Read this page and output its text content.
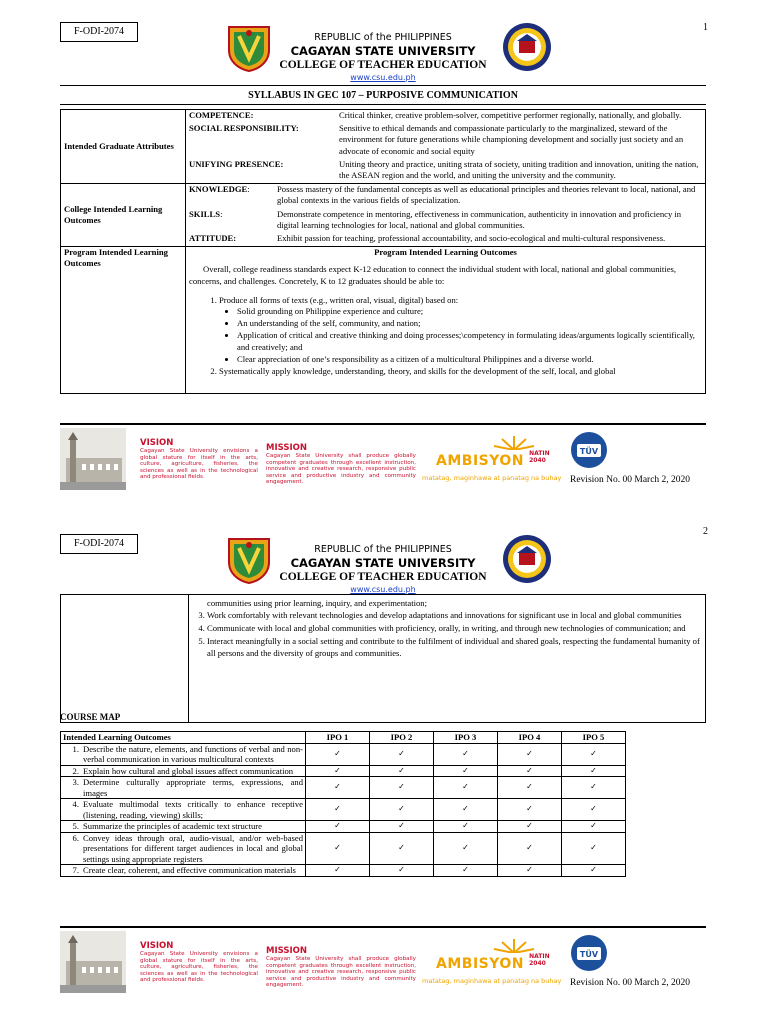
F-ODI-2074	1
REPUBLIC of the PHILIPPINES
CAGAYAN STATE UNIVERSITY
COLLEGE OF TEACHER EDUCATION
www.csu.edu.ph
SYLLABUS IN GEC 107 – PURPOSIVE COMMUNICATION
Intended Graduate Attributes	
COMPETENCE:	Critical thinker, creative problem-solver, competitive performer regionally, nationally, and globally.
SOCIAL RESPONSIBILITY:	Sensitive to ethical demands and compassionate particularly to the marginalized, steward of the environment for future generations while championing development and socially just society and an advocate of economic and social equity
UNIFYING PRESENCE:	Uniting theory and practice, uniting strata of society, uniting tradition and innovation, uniting the nation, the ASEAN region and the world, and uniting the university and the community.

College Intended Learning Outcomes	
KNOWLEDGE:	Possess mastery of the fundamental concepts as well as educational principles and theories relevant to local, national, and global contexts in the various fields of specialization.
SKILLS:	Demonstrate competence in mentoring, effectiveness in communication, authenticity in innovation and proficiency in digital learning technologies for local, national and global communities.
ATTITUDE:	Exhibit passion for teaching, professional accountability, and socio-ecological and multi-cultural responsiveness.

Program Intended Learning Outcomes	
Program Intended Learning Outcomes
Overall, college readiness standards expect K-12 education to connect the individual student with local, national and global communities, concerns, and challenges. Concretely, K to 12 graduates should be able to:
1. Produce all forms of texts (e.g., written oral, visual, digital) based on:
• Solid grounding on Philippine experience and culture;
• An understanding of the self, community, and nation;
• Application of critical and creative thinking and doing processes;\competency in formulating ideas/arguments logically scientifically, and creatively; and
• Clear appreciation of one’s responsibility as a citizen of a multicultural Philippines and a diverse world.
2. Systematically apply knowledge, understanding, theory, and skills for the development of the self, local, and global
VISION
Cagayan State University envisions a global stature for itself in the arts, culture, agriculture, fisheries, the sciences as well as in the technological and professional fields.
MISSION
Cagayan State University shall produce globally competent graduates through excellent instruction, innovative and creative research, responsive public service and productive industry and community engagement.
AMBISYON NATIN
2040
matatag, maginhawa at panatag na buhay
TÜV
Revision No. 00 March 2, 2020
F-ODI-2074
2
REPUBLIC of the PHILIPPINES
CAGAYAN STATE UNIVERSITY
COLLEGE OF TEACHER EDUCATION
www.csu.edu.ph
communities using prior learning, inquiry, and experimentation;
3. Work comfortably with relevant technologies and develop adaptations and innovations for significant use in local and global communities
4. Communicate with local and global communities with proficiency, orally, in writing, and through new technologies of communication; and
5. Interact meaningfully in a social setting and contribute to the fulfilment of individual and shared goals, respecting the fundamental humanity of all persons and the diversity of groups and communities.
COURSE MAP
Intended Learning Outcomes	IPO 1	IPO 2	IPO 3	IPO 4	IPO 5

1. Describe the nature, elements, and functions of verbal and non-verbal communication in various multicultural contexts	✓	✓	✓	✓	✓

2. Explain how cultural and global issues affect communication	✓	✓	✓	✓	✓

3. Determine culturally appropriate terms, expressions, and images	✓	✓	✓	✓	✓

4. Evaluate multimodal texts critically to enhance receptive (listening, reading, viewing) skills;	✓	✓	✓	✓	✓

5. Summarize the principles of academic text structure	✓	✓	✓	✓	✓

6. Convey ideas through oral, audio-visual, and/or web-based presentations for different target audiences in local and global settings using appropriate registers	✓	✓	✓	✓	✓

7. Create clear, coherent, and effective communication materials	✓	✓	✓	✓	✓
VISION
Cagayan State University envisions a global stature for itself in the arts, culture, agriculture, fisheries, the sciences as well as in the technological and professional fields.
MISSION
Cagayan State University shall produce globally competent graduates through excellent instruction, innovative and creative research, responsive public service and productive industry and community engagement.
AMBISYON NATIN
2040
matatag, maginhawa at panatag na buhay
TÜV
Revision No. 00 March 2, 2020
